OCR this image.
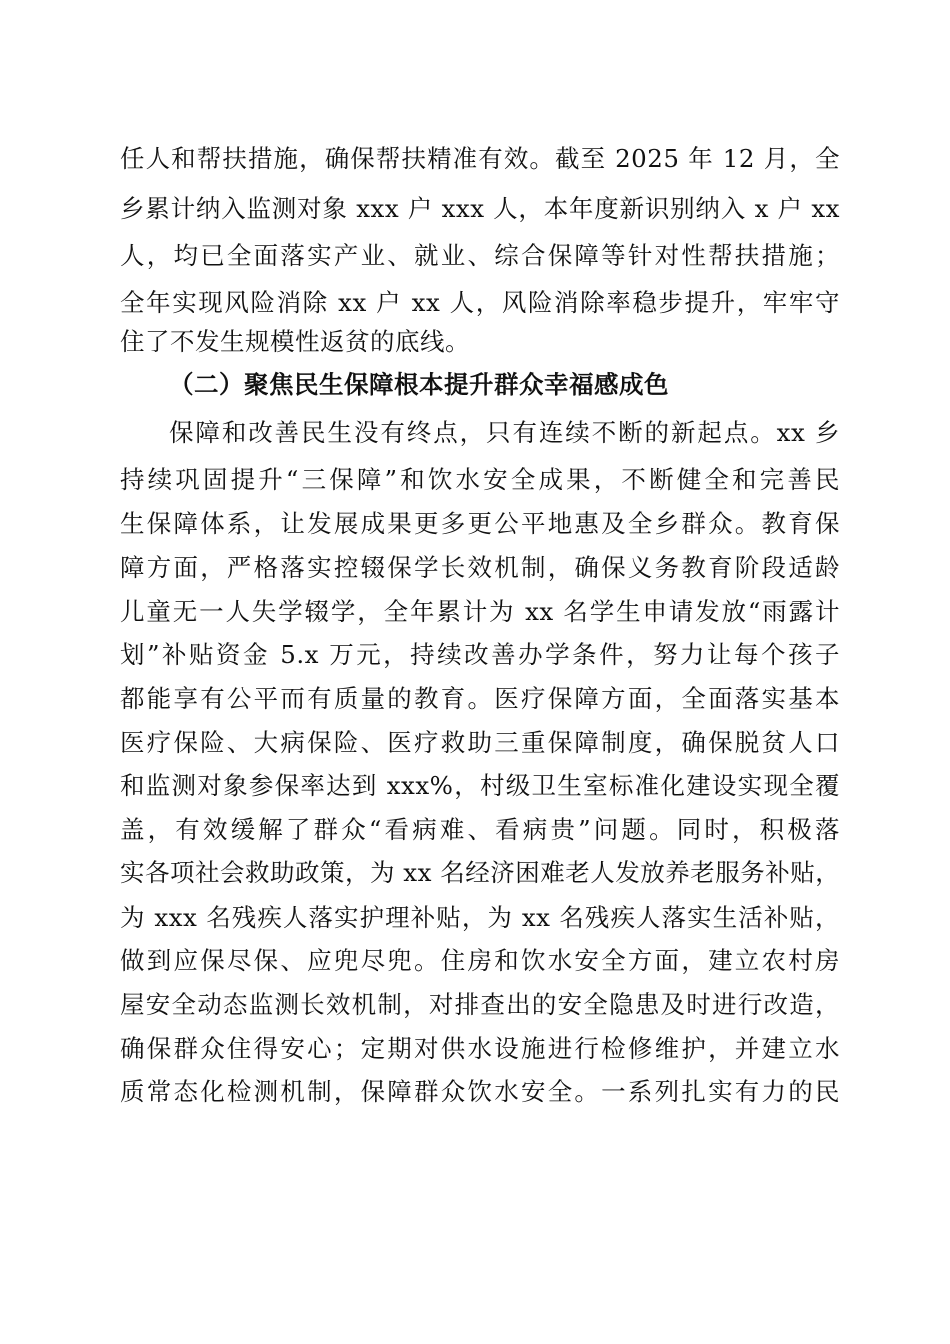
任人和帮扶措施，确保帮扶精准有效。截至 2025 年 12 月，全
乡累计纳入监测对象 xxx 户 xxx 人，本年度新识别纳入 x 户 xx
人，均已全面落实产业、就业、综合保障等针对性帮扶措施；
全年实现风险消除 xx 户 xx 人，风险消除率稳步提升，牢牢守
住了不发生规模性返贫的底线。
（二）聚焦民生保障根本提升群众幸福感成色
保障和改善民生没有终点，只有连续不断的新起点。xx 乡
持续巩固提升“三保障”和饮水安全成果，不断健全和完善民
生保障体系，让发展成果更多更公平地惠及全乡群众。教育保
障方面，严格落实控辍保学长效机制，确保义务教育阶段适龄
儿童无一人失学辍学，全年累计为 xx 名学生申请发放“雨露计
划”补贴资金 5.x 万元，持续改善办学条件，努力让每个孩子
都能享有公平而有质量的教育。医疗保障方面，全面落实基本
医疗保险、大病保险、医疗救助三重保障制度，确保脱贫人口
和监测对象参保率达到 xxx%，村级卫生室标准化建设实现全覆
盖，有效缓解了群众“看病难、看病贵”问题。同时，积极落
实各项社会救助政策，为 xx 名经济困难老人发放养老服务补贴，
为 xxx 名残疾人落实护理补贴，为 xx 名残疾人落实生活补贴，
做到应保尽保、应兜尽兜。住房和饮水安全方面，建立农村房
屋安全动态监测长效机制，对排查出的安全隐患及时进行改造，
确保群众住得安心；定期对供水设施进行检修维护，并建立水
质常态化检测机制，保障群众饮水安全。一系列扎实有力的民
